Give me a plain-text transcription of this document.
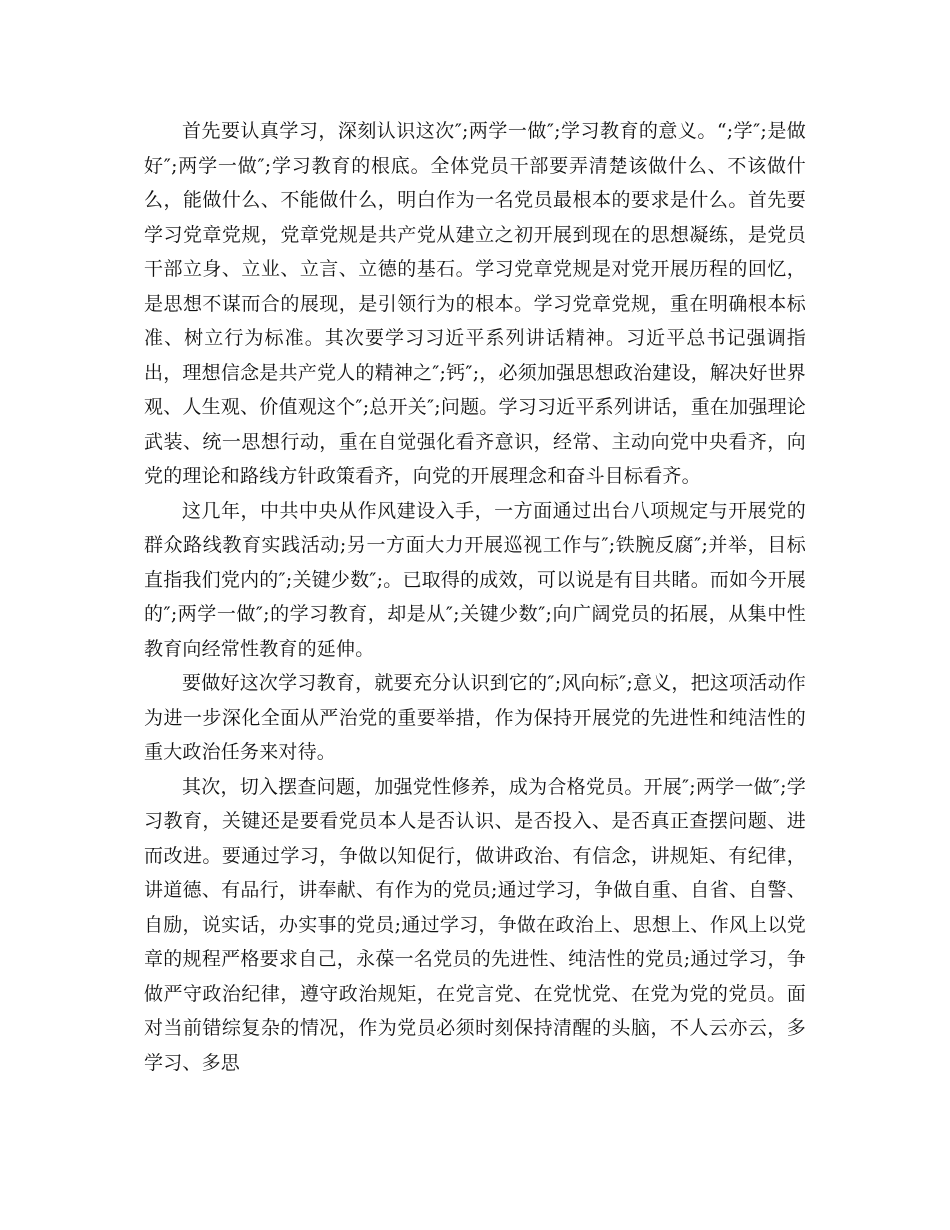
首先要认真学习，深刻认识这次″;两学一做″;学习教育的意义。“;学″;是做好″;两学一做″;学习教育的根底。全体党员干部要弄清楚该做什么、不该做什么，能做什么、不能做什么，明白作为一名党员最根本的要求是什么。首先要学习党章党规，党章党规是共产党从建立之初开展到现在的思想凝练，是党员干部立身、立业、立言、立德的基石。学习党章党规是对党开展历程的回忆，是思想不谋而合的展现，是引领行为的根本。学习党章党规，重在明确根本标准、树立行为标准。其次要学习习近平系列讲话精神。习近平总书记强调指出，理想信念是共产党人的精神之″;钙″;，必须加强思想政治建设，解决好世界观、人生观、价值观这个″;总开关″;问题。学习习近平系列讲话，重在加强理论武装、统一思想行动，重在自觉强化看齐意识，经常、主动向党中央看齐，向党的理论和路线方针政策看齐，向党的开展理念和奋斗目标看齐。

这几年，中共中央从作风建设入手，一方面通过出台八项规定与开展党的群众路线教育实践活动;另一方面大力开展巡视工作与″;铁腕反腐″;并举，目标直指我们党内的″;关键少数″;。已取得的成效，可以说是有目共睹。而如今开展的″;两学一做″;的学习教育，却是从″;关键少数″;向广阔党员的拓展，从集中性教育向经常性教育的延伸。

要做好这次学习教育，就要充分认识到它的″;风向标″;意义，把这项活动作为进一步深化全面从严治党的重要举措，作为保持开展党的先进性和纯洁性的重大政治任务来对待。

其次，切入摆查问题，加强党性修养，成为合格党员。开展″;两学一做″;学习教育，关键还是要看党员本人是否认识、是否投入、是否真正查摆问题、进而改进。要通过学习，争做以知促行，做讲政治、有信念，讲规矩、有纪律，讲道德、有品行，讲奉献、有作为的党员;通过学习，争做自重、自省、自警、自励，说实话，办实事的党员;通过学习，争做在政治上、思想上、作风上以党章的规程严格要求自己，永葆一名党员的先进性、纯洁性的党员;通过学习，争做严守政治纪律，遵守政治规矩，在党言党、在党忧党、在党为党的党员。面对当前错综复杂的情况，作为党员必须时刻保持清醒的头脑，不人云亦云，多学习、多思
